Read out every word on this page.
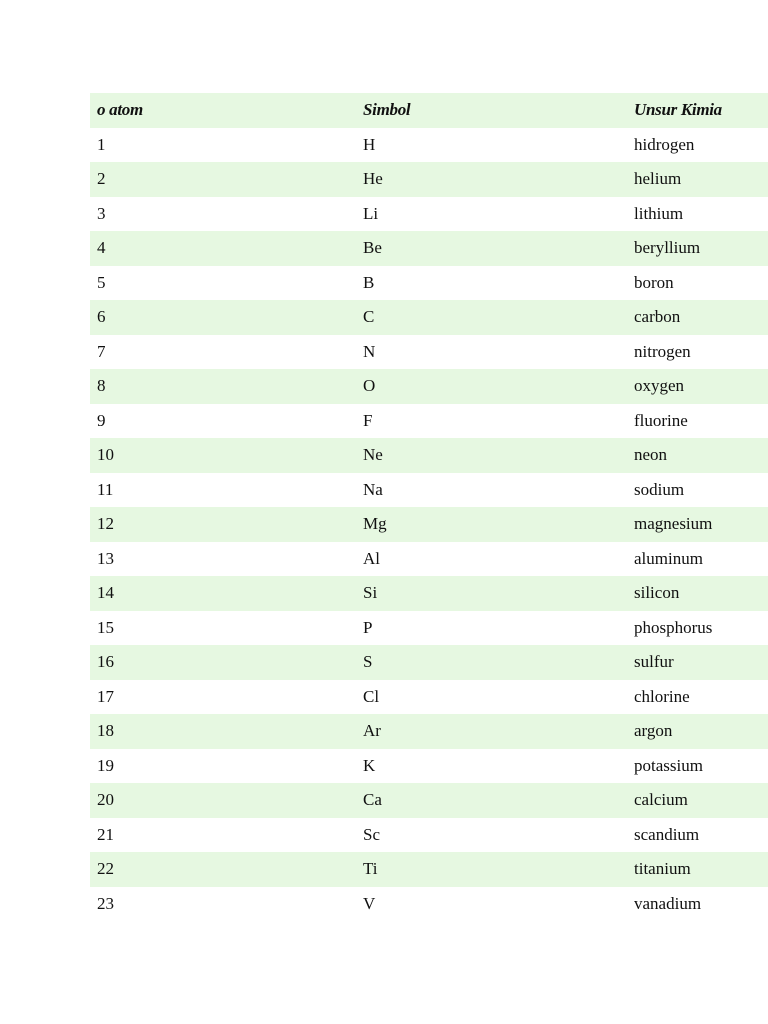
o atom	Simbol	Unsur Kimia
1	H	hidrogen
2	He	helium
3	Li	lithium
4	Be	beryllium
5	B	boron
6	C	carbon
7	N	nitrogen
8	O	oxygen
9	F	fluorine
10	Ne	neon
11	Na	sodium
12	Mg	magnesium
13	Al	aluminum
14	Si	silicon
15	P	phosphorus
16	S	sulfur
17	Cl	chlorine
18	Ar	argon
19	K	potassium
20	Ca	calcium
21	Sc	scandium
22	Ti	titanium
23	V	vanadium
